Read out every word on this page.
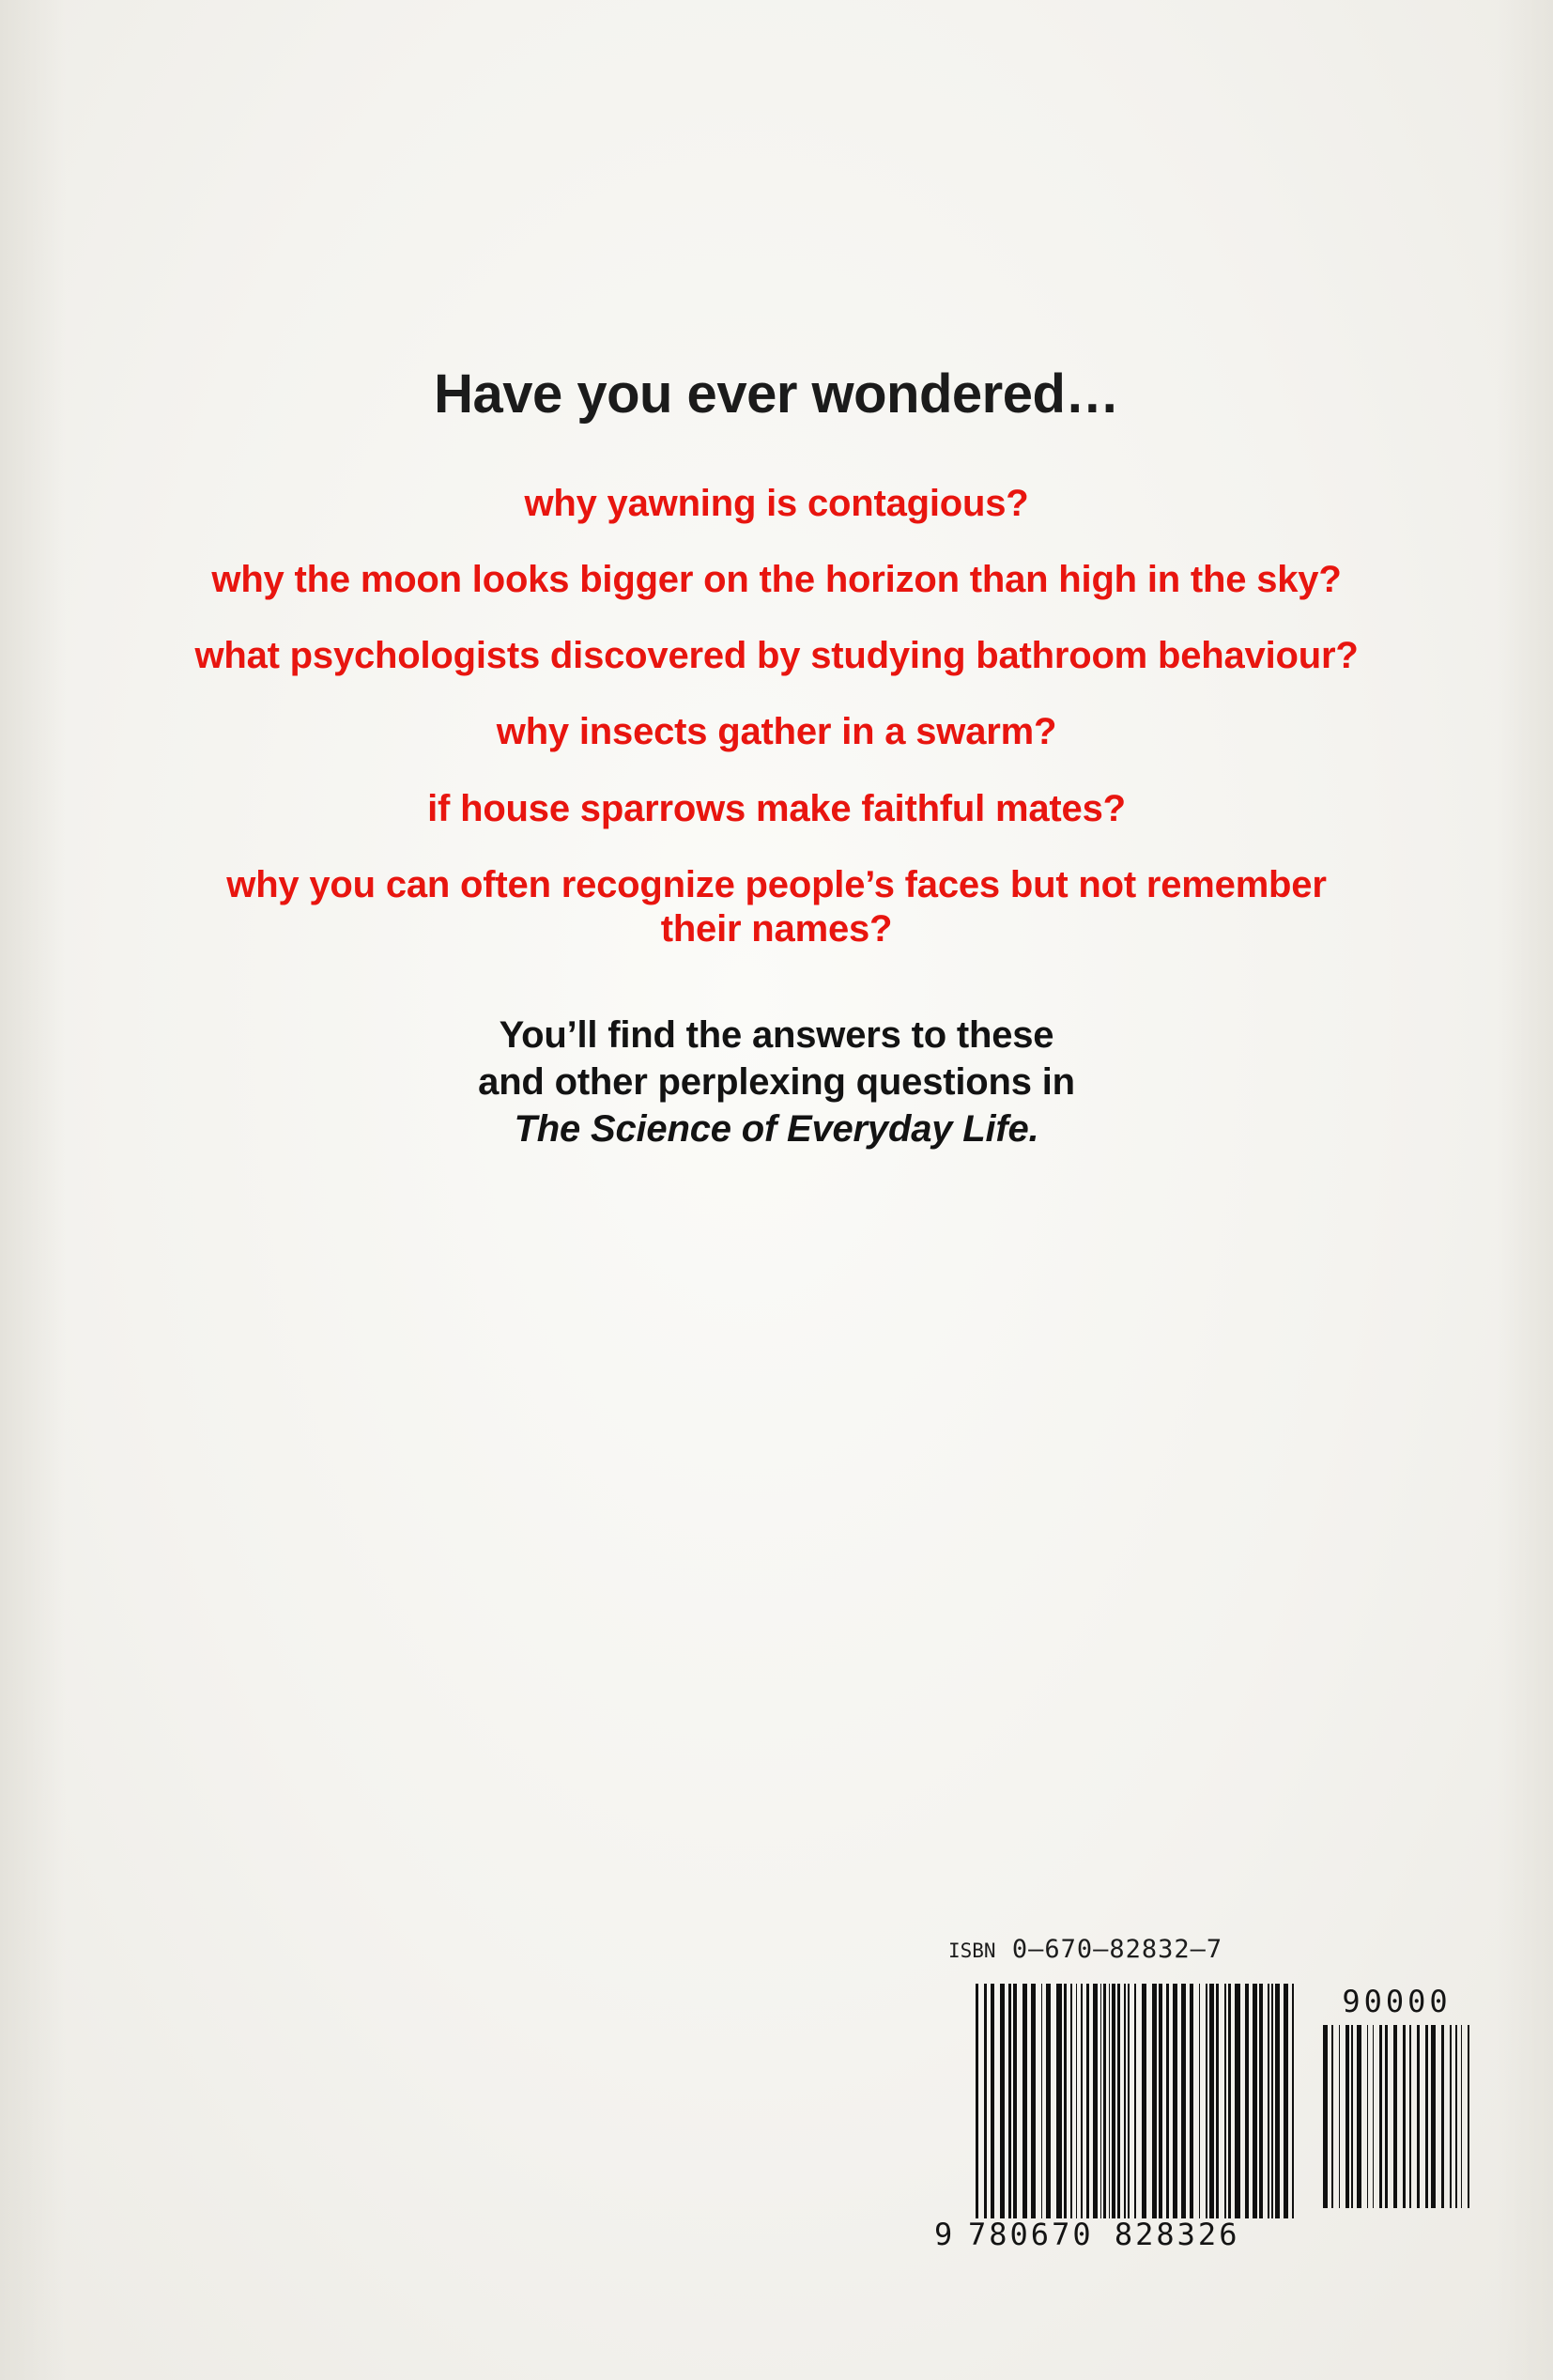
Have you ever wondered…

why yawning is contagious?

why the moon looks bigger on the horizon than high in the sky?

what psychologists discovered by studying bathroom behaviour?

why insects gather in a swarm?

if house sparrows make faithful mates?

why you can often recognize people’s faces but not remember their names?

You’ll find the answers to these
and other perplexing questions in
The Science of Everyday Life.
ISBN 0–670–82832–7
9 780670 828326
90000
